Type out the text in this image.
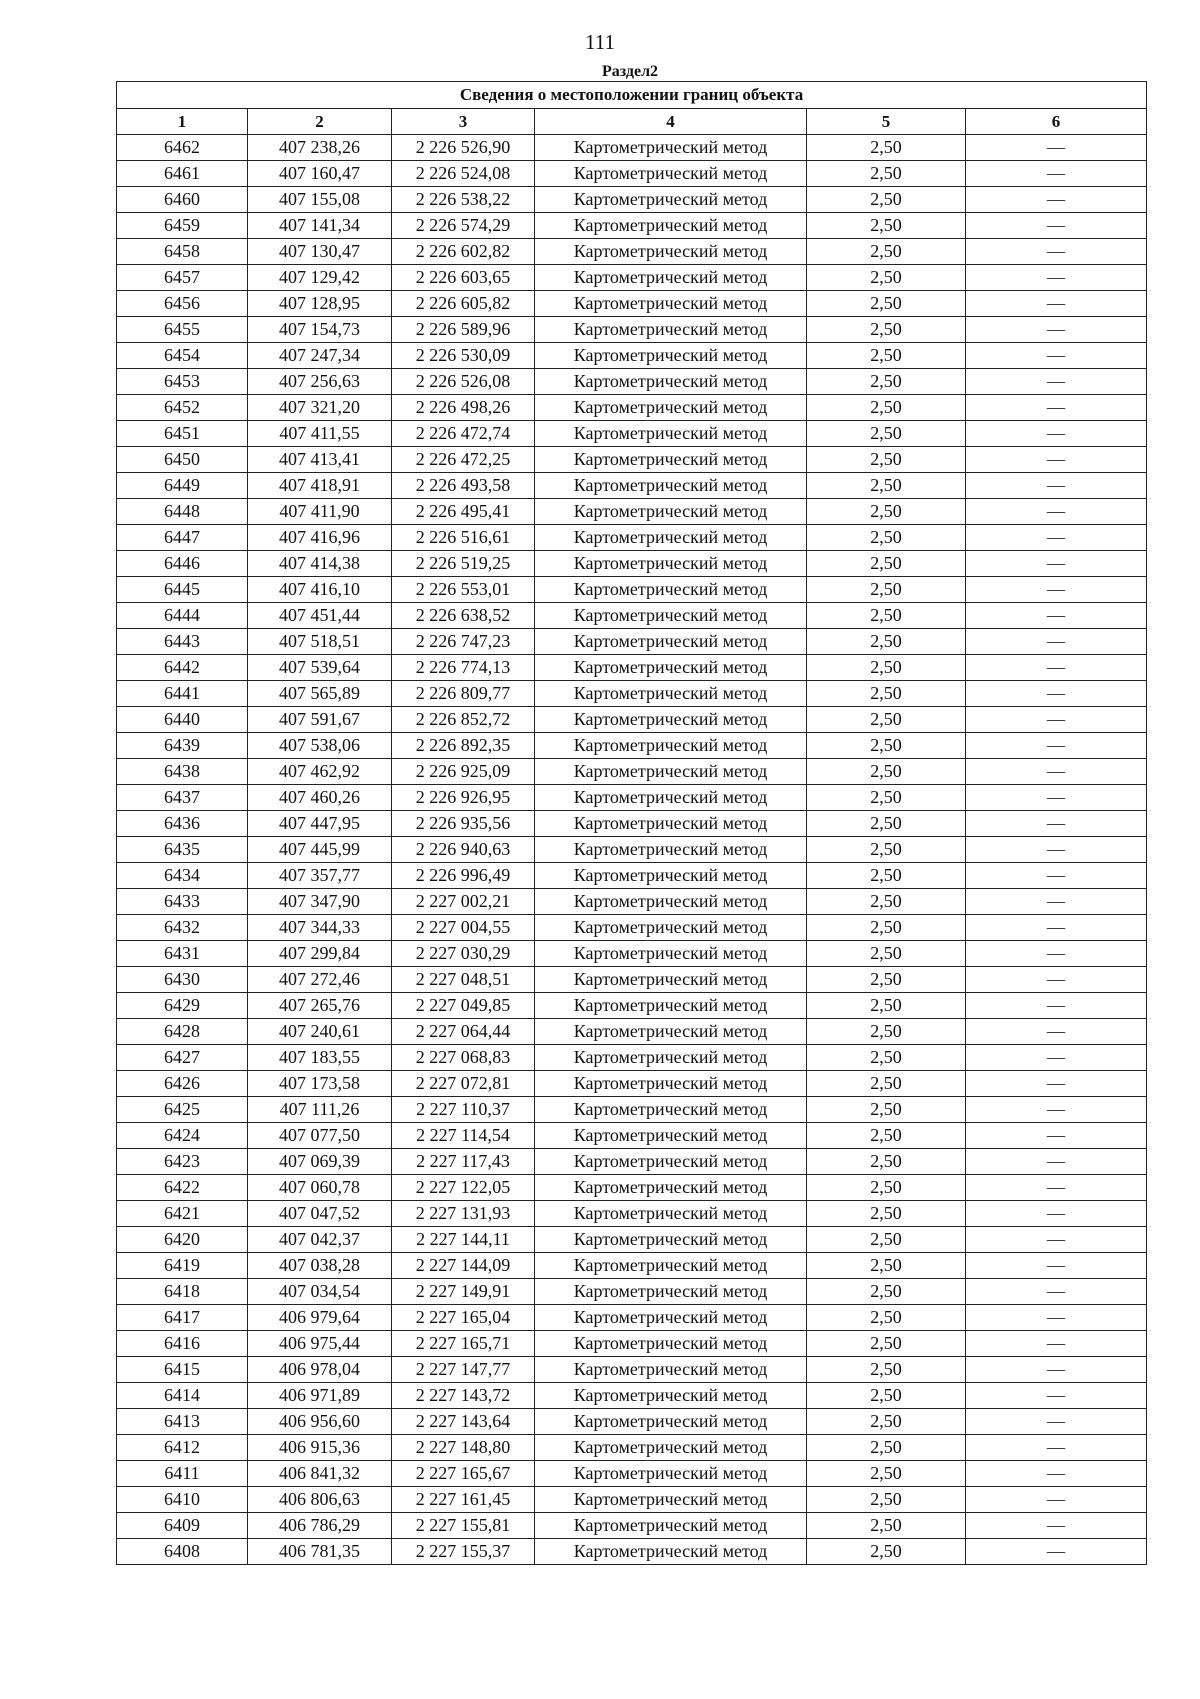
111
Раздел2
Сведения о местоположении границ объекта					
1	2	3	4	5	6
6462	407 238,26	2 226 526,90	Картометрический метод	2,50	—
6461	407 160,47	2 226 524,08	Картометрический метод	2,50	—
6460	407 155,08	2 226 538,22	Картометрический метод	2,50	—
6459	407 141,34	2 226 574,29	Картометрический метод	2,50	—
6458	407 130,47	2 226 602,82	Картометрический метод	2,50	—
6457	407 129,42	2 226 603,65	Картометрический метод	2,50	—
6456	407 128,95	2 226 605,82	Картометрический метод	2,50	—
6455	407 154,73	2 226 589,96	Картометрический метод	2,50	—
6454	407 247,34	2 226 530,09	Картометрический метод	2,50	—
6453	407 256,63	2 226 526,08	Картометрический метод	2,50	—
6452	407 321,20	2 226 498,26	Картометрический метод	2,50	—
6451	407 411,55	2 226 472,74	Картометрический метод	2,50	—
6450	407 413,41	2 226 472,25	Картометрический метод	2,50	—
6449	407 418,91	2 226 493,58	Картометрический метод	2,50	—
6448	407 411,90	2 226 495,41	Картометрический метод	2,50	—
6447	407 416,96	2 226 516,61	Картометрический метод	2,50	—
6446	407 414,38	2 226 519,25	Картометрический метод	2,50	—
6445	407 416,10	2 226 553,01	Картометрический метод	2,50	—
6444	407 451,44	2 226 638,52	Картометрический метод	2,50	—
6443	407 518,51	2 226 747,23	Картометрический метод	2,50	—
6442	407 539,64	2 226 774,13	Картометрический метод	2,50	—
6441	407 565,89	2 226 809,77	Картометрический метод	2,50	—
6440	407 591,67	2 226 852,72	Картометрический метод	2,50	—
6439	407 538,06	2 226 892,35	Картометрический метод	2,50	—
6438	407 462,92	2 226 925,09	Картометрический метод	2,50	—
6437	407 460,26	2 226 926,95	Картометрический метод	2,50	—
6436	407 447,95	2 226 935,56	Картометрический метод	2,50	—
6435	407 445,99	2 226 940,63	Картометрический метод	2,50	—
6434	407 357,77	2 226 996,49	Картометрический метод	2,50	—
6433	407 347,90	2 227 002,21	Картометрический метод	2,50	—
6432	407 344,33	2 227 004,55	Картометрический метод	2,50	—
6431	407 299,84	2 227 030,29	Картометрический метод	2,50	—
6430	407 272,46	2 227 048,51	Картометрический метод	2,50	—
6429	407 265,76	2 227 049,85	Картометрический метод	2,50	—
6428	407 240,61	2 227 064,44	Картометрический метод	2,50	—
6427	407 183,55	2 227 068,83	Картометрический метод	2,50	—
6426	407 173,58	2 227 072,81	Картометрический метод	2,50	—
6425	407 111,26	2 227 110,37	Картометрический метод	2,50	—
6424	407 077,50	2 227 114,54	Картометрический метод	2,50	—
6423	407 069,39	2 227 117,43	Картометрический метод	2,50	—
6422	407 060,78	2 227 122,05	Картометрический метод	2,50	—
6421	407 047,52	2 227 131,93	Картометрический метод	2,50	—
6420	407 042,37	2 227 144,11	Картометрический метод	2,50	—
6419	407 038,28	2 227 144,09	Картометрический метод	2,50	—
6418	407 034,54	2 227 149,91	Картометрический метод	2,50	—
6417	406 979,64	2 227 165,04	Картометрический метод	2,50	—
6416	406 975,44	2 227 165,71	Картометрический метод	2,50	—
6415	406 978,04	2 227 147,77	Картометрический метод	2,50	—
6414	406 971,89	2 227 143,72	Картометрический метод	2,50	—
6413	406 956,60	2 227 143,64	Картометрический метод	2,50	—
6412	406 915,36	2 227 148,80	Картометрический метод	2,50	—
6411	406 841,32	2 227 165,67	Картометрический метод	2,50	—
6410	406 806,63	2 227 161,45	Картометрический метод	2,50	—
6409	406 786,29	2 227 155,81	Картометрический метод	2,50	—
6408	406 781,35	2 227 155,37	Картометрический метод	2,50	—
